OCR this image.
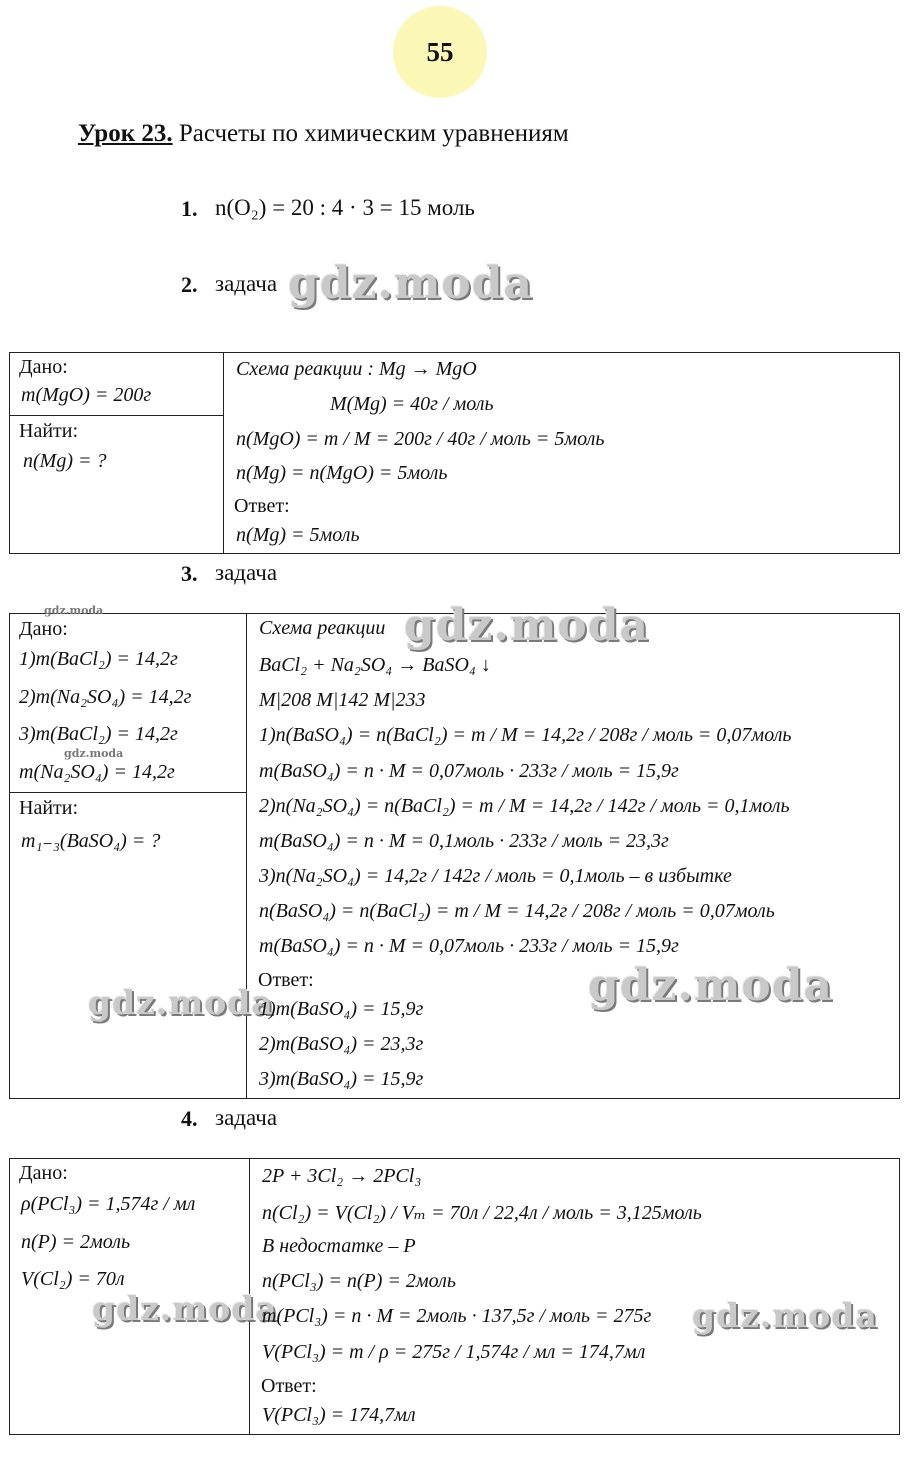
55
Урок 23. Расчеты по химическим уравнениям
1. n(O₂) = 20 : 4 · 3 = 15 моль
2. задача gdz.moda
Дано:
m(MgO) = 200г
Найти:
n(Mg) = ?
Схема реакции : Mg → MgO
M(Mg) = 40г / моль
n(MgO) = m / M = 200г / 40г / моль = 5моль
n(Mg) = n(MgO) = 5моль
Ответ:
n(Mg) = 5моль
3. задача
gdz.moda
Дано:
1)m(BaCl₂) = 14,2г
2)m(Na₂SO₄) = 14,2г
3)m(BaCl₂) = 14,2г
gdz.moda
m(Na₂SO₄) = 14,2г
Найти:
m₁₋₃(BaSO₄) = ?
Схема реакции gdz.moda
BaCl₂ + Na₂SO₄ → BaSO₄ ↓
M|208 M|142 M|233
1)n(BaSO₄) = n(BaCl₂) = m / M = 14,2г / 208г / моль = 0,07моль
m(BaSO₄) = n · M = 0,07моль · 233г / моль = 15,9г
2)n(Na₂SO₄) = n(BaCl₂) = m / M = 14,2г / 142г / моль = 0,1моль
m(BaSO₄) = n · M = 0,1моль · 233г / моль = 23,3г
3)n(Na₂SO₄) = 14,2г / 142г / моль = 0,1моль – в избытке
n(BaSO₄) = n(BaCl₂) = m / M = 14,2г / 208г / моль = 0,07моль
m(BaSO₄) = n · M = 0,07моль · 233г / моль = 15,9г
Ответ:	gdz.moda
gdz.moda
1)m(BaSO₄) = 15,9г
2)m(BaSO₄) = 23,3г
3)m(BaSO₄) = 15,9г
4. задача
Дано:
ρ(PCl₃) = 1,574г / мл
n(P) = 2моль
V(Cl₂) = 70л
gdz.moda
2P + 3Cl₂ → 2PCl₃
n(Cl₂) = V(Cl₂) / Vₘ = 70л / 22,4л / моль = 3,125моль
В недостатке – P
n(PCl₃) = n(P) = 2моль
m(PCl₃) = n · M = 2моль · 137,5г / моль = 275г gdz.moda
V(PCl₃) = m / ρ = 275г / 1,574г / мл = 174,7мл
Ответ:
V(PCl₃) = 174,7мл
